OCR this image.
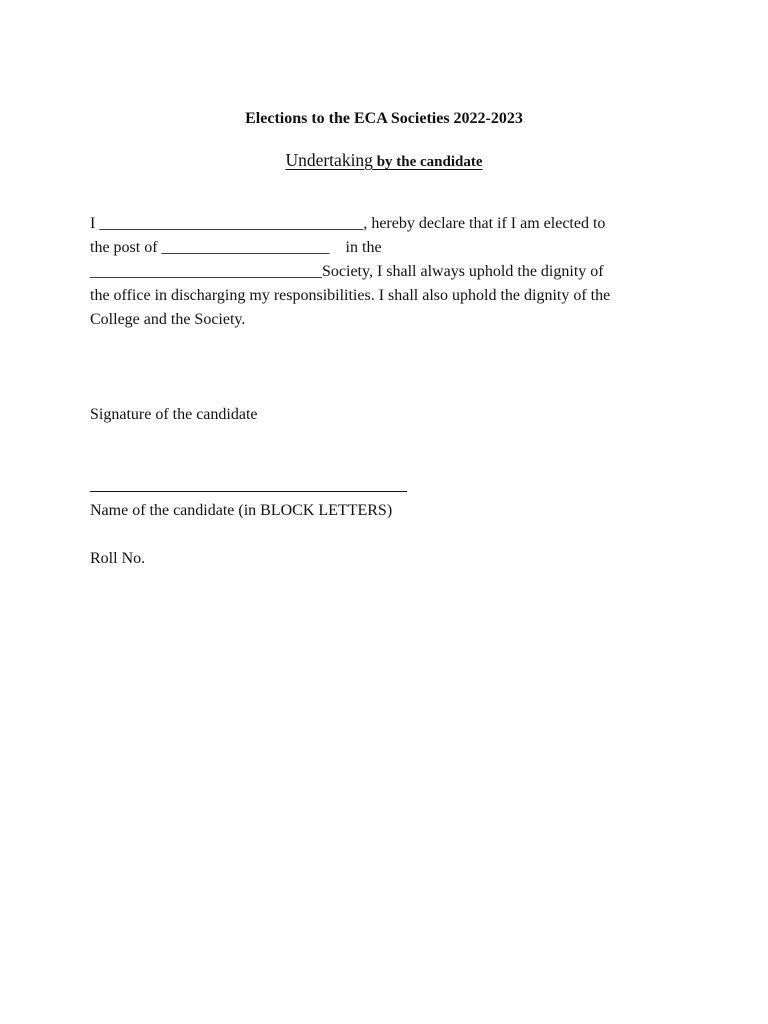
Elections to the ECA Societies 2022-2023
Undertaking by the candidate
I _________________________________, hereby declare that if I am elected to
the post of _____________________    in the
_____________________________Society, I shall always uphold the dignity of
the office in discharging my responsibilities. I shall also uphold the dignity of the
College and the Society.
Signature of the candidate
Name of the candidate (in BLOCK LETTERS)
Roll No.
